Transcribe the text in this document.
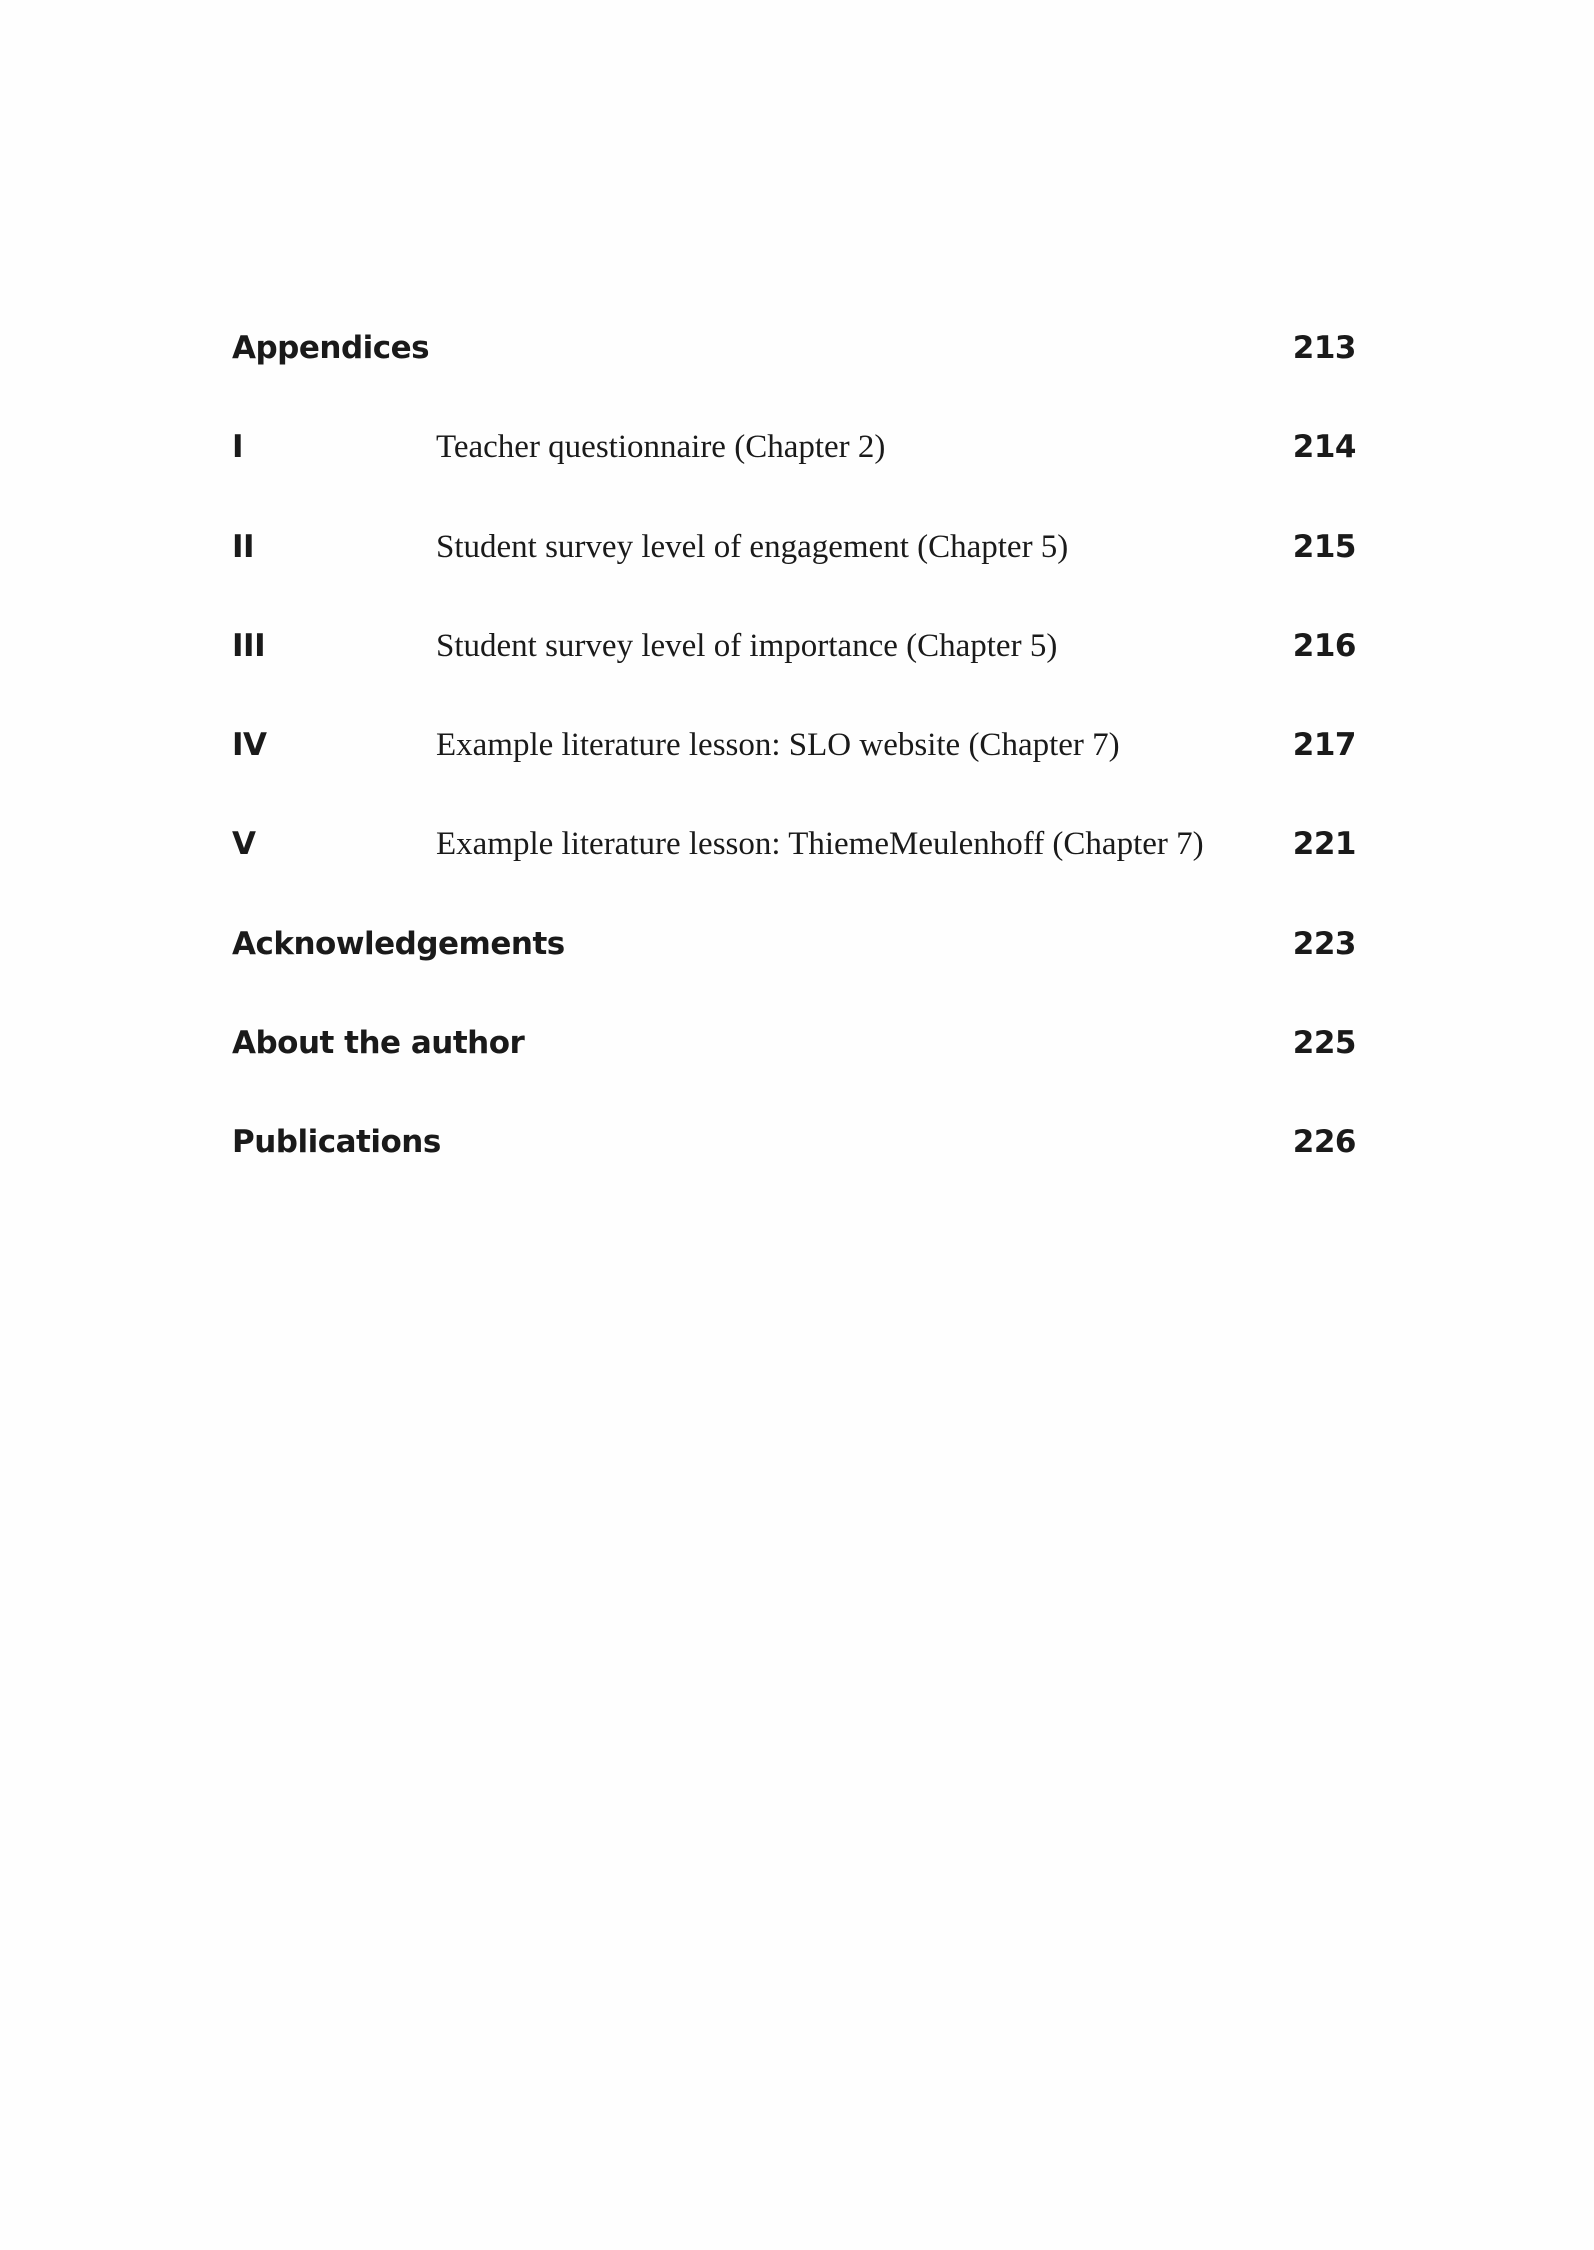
Appendices	213
I	Teacher questionnaire (Chapter 2)	214
II	Student survey level of engagement (Chapter 5)	215
III	Student survey level of importance (Chapter 5)	216
IV	Example literature lesson: SLO website (Chapter 7)	217
V	Example literature lesson: ThiemeMeulenhoff (Chapter 7)	221
Acknowledgements	223
About the author	225
Publications	226
